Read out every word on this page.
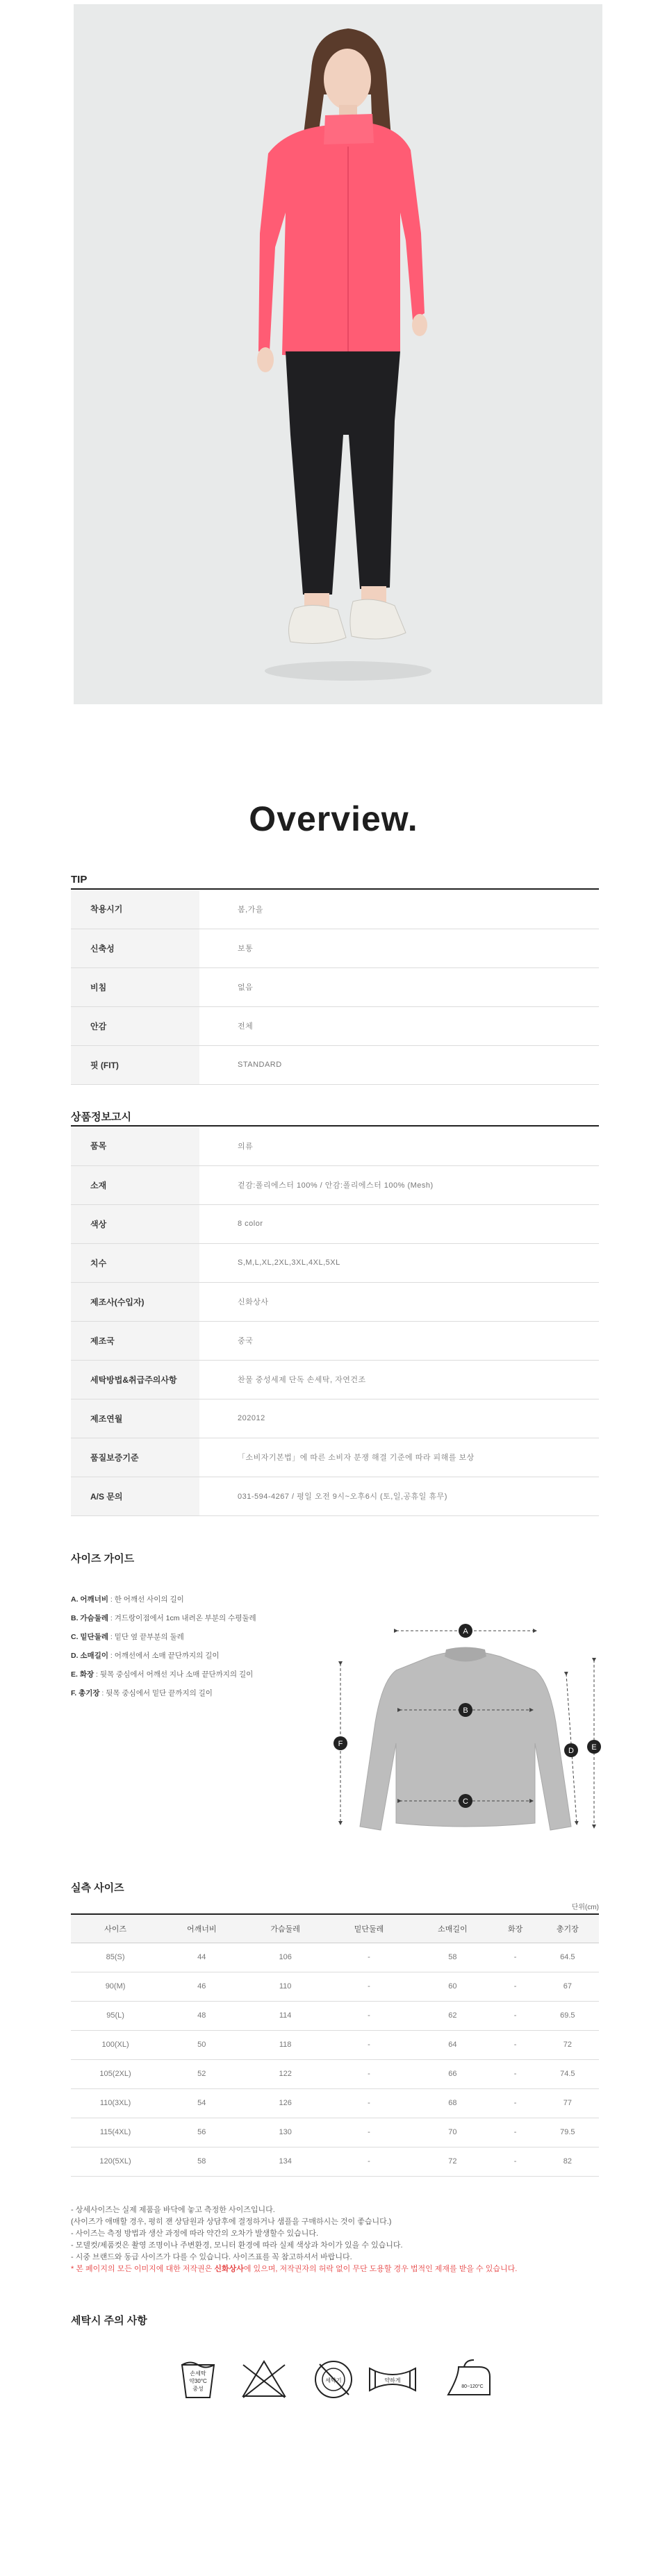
Overview.
TIP
착용시기	봄,가을
신축성	보통
비침	없음
안감	전체
핏 (FIT)	STANDARD
상품정보고시
품목	의류
소재	겉감:폴리에스터 100% / 안감:폴리에스터 100% (Mesh)
색상	8 color
치수	S,M,L,XL,2XL,3XL,4XL,5XL
제조사(수입자)	신화상사
제조국	중국
세탁방법&취급주의사항	찬물 중성세제 단독 손세탁, 자연건조
제조연월	202012
품질보증기준	「소비자기본법」에 따른 소비자 분쟁 해결 기준에 따라 피해를 보상
A/S 문의	031-594-4267 / 평일 오전 9시~오후6시 (토,일,공휴일 휴무)
사이즈 가이드
A. 어깨너비 : 한 어깨선 사이의 길이
B. 가슴둘레 : 겨드랑이점에서 1cm 내려온 부분의 수평둘레
C. 밑단둘레 : 밑단 옆 끝부분의 둘레
D. 소매길이 : 어깨선에서 소매 끝단까지의 길이
E. 화장 : 뒷목 중심에서 어깨선 지나 소매 끝단까지의 길이
F. 총기장 : 뒷목 중심에서 밑단 끝까지의 길이
A
B
C
D E
F
실측 사이즈
단위(cm)
사이즈	어깨너비	가슴둘레	밑단둘레	소매길이	화장	총기장
85(S)	44	106	-	58	-	64.5
90(M)	46	110	-	60	-	67
95(L)	48	114	-	62	-	69.5
100(XL)	50	118	-	64	-	72
105(2XL)	52	122	-	66	-	74.5
110(3XL)	54	126	-	68	-	77
115(4XL)	56	130	-	70	-	79.5
120(5XL)	58	134	-	72	-	82
- 상세사이즈는 실제 제품을 바닥에 놓고 측정한 사이즈입니다.
(사이즈가 애매할 경우, 평히 잰 상담원과 상담후에 결정하거나 샘플을 구매하시는 것이 좋습니다.)
- 사이즈는 측정 방법과 생산 과정에 따라 약간의 오차가 발생할수 있습니다.
- 모델컷/제품컷은 촬영 조명이나 주변환경, 모니터 환경에 따라 실제 색상과 차이가 있을 수 있습니다.
- 시중 브랜드와 동급 사이즈가 다를 수 있습니다. 사이즈표를 꼭 참고하셔서 바랍니다.
* 본 페이지의 모든 이미지에 대한 저작권은 신화상사에 있으며, 저작권자의 허락 없이 무단 도용할 경우 법적인 제재를 받을 수 있습니다.
세탁시 주의 사항
손세탁
약30°C
중성
세탁기	약하게
80~120°C
